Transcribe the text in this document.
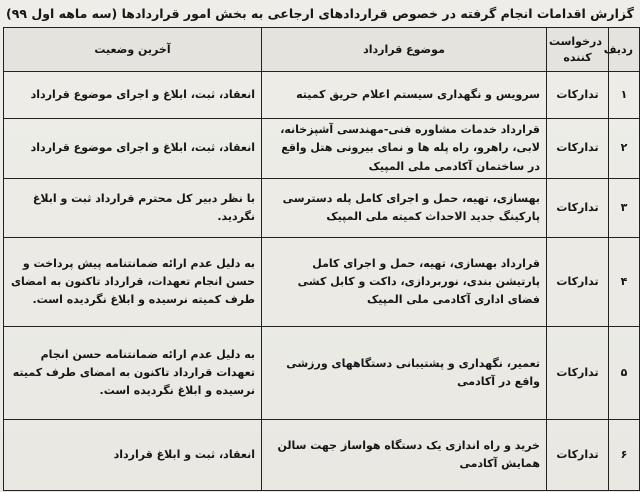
گزارش اقدامات انجام گرفته در خصوص قراردادهای ارجاعی به بخش امور قراردادها (سه ماهه اول ۹۹)
ردیف	درخواست کننده	موضوع قرارداد	آخرین وضعیت
۱	تدارکات	سرویس و نگهداری سیستم اعلام حریق کمیته	انعقاد، ثبت، ابلاغ و اجرای موضوع قرارداد
۲	تدارکات	قرارداد خدمات مشاوره فنی-مهندسی آشپزخانه، لابی، راهرو، راه پله ها و نمای بیرونی هتل واقع در ساختمان آکادمی ملی المپیک	انعقاد، ثبت، ابلاغ و اجرای موضوع قرارداد
۳	تدارکات	بهسازی، تهیه، حمل و اجرای کامل پله دسترسی پارکینگ جدید الاحداث کمیته ملی المپیک	با نظر دبیر کل محترم قرارداد ثبت و ابلاغ نگردید.
۴	تدارکات	قرارداد بهسازی، تهیه، حمل و اجرای کامل پارتیشن بندی، نوربردازی، داکت و کابل کشی فضای اداری آکادمی ملی المپیک	به دلیل عدم ارائه ضمانتنامه پیش پرداخت و حسن انجام تعهدات، قرارداد تاکنون به امضای طرف کمیته نرسیده و ابلاغ نگردیده است.
۵	تدارکات	تعمیر، نگهداری و پشتیبانی دستگاههای ورزشی واقع در آکادمی	به دلیل عدم ارائه ضمانتنامه حسن انجام تعهدات قرارداد تاکنون به امضای طرف کمیته نرسیده و ابلاغ نگردیده است.
۶	تدارکات	خرید و راه اندازی یک دستگاه هواساز جهت سالن همایش آکادمی	انعقاد، ثبت و ابلاغ قرارداد
